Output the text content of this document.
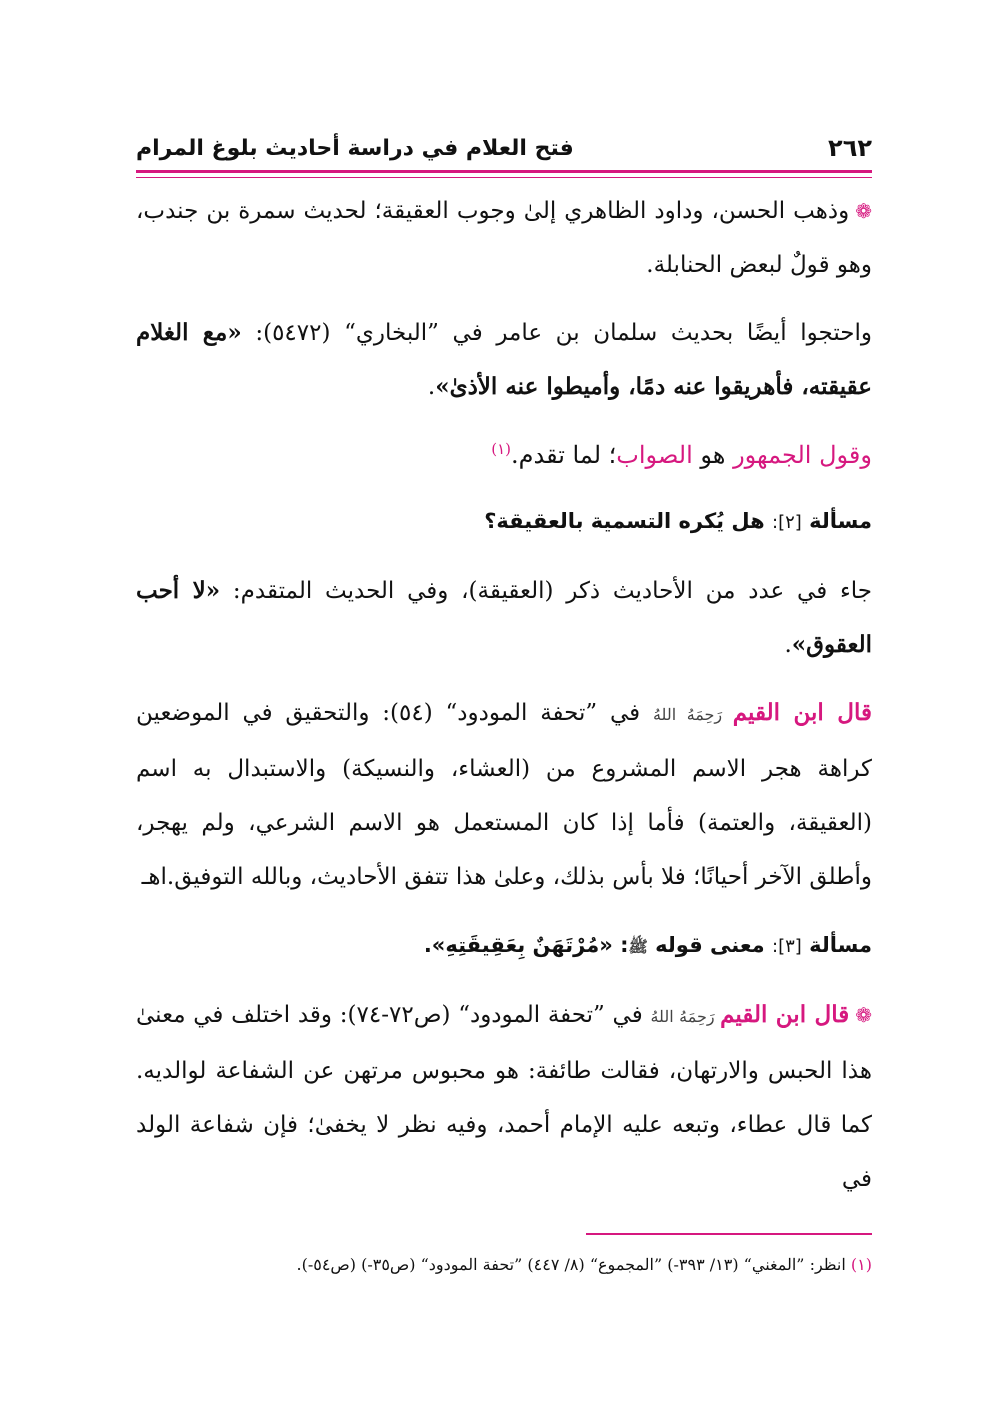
٢٦٢
فتح العلام في دراسة أحاديث بلوغ المرام

❁وذهب الحسن، وداود الظاهري إلىٰ وجوب العقيقة؛ لحديث سمرة بن جندب، وهو قولٌ لبعض الحنابلة.

واحتجوا أيضًا بحديث سلمان بن عامر في ”البخاري“ (٥٤٧٢): «مع الغلام عقيقته، فأهريقوا عنه دمًا، وأميطوا عنه الأذىٰ».

وقول الجمهور هو الصواب؛ لما تقدم.$^{(١)}$

مسألة [٢]: هل يُكره التسمية بالعقيقة؟

جاء في عدد من الأحاديث ذكر (العقيقة)، وفي الحديث المتقدم: «لا أحب العقوق».

قال ابن القيم رَحِمَهُ اللهُ في ”تحفة المودود“ (٥٤): والتحقيق في الموضعين كراهة هجر الاسم المشروع من (العشاء، والنسيكة) والاستبدال به اسم (العقيقة، والعتمة) فأما إذا كان المستعمل هو الاسم الشرعي، ولم يهجر، وأطلق الآخر أحيانًا؛ فلا بأس بذلك، وعلىٰ هذا تتفق الأحاديث، وبالله التوفيق.اهـ

مسألة [٣]: معنى قوله ﷺ: «مُرْتَهَنٌ بِعَقِيقَتِهِ».

❁قال ابن القيم رَحِمَهُ اللهُ في ”تحفة المودود“ (ص٧٢-٧٤): وقد اختلف في معنىٰ هذا الحبس والارتهان، فقالت طائفة: هو محبوس مرتهن عن الشفاعة لوالديه. كما قال عطاء، وتبعه عليه الإمام أحمد، وفيه نظر لا يخفىٰ؛ فإن شفاعة الولد في

(١) انظر: ”المغني“ (١٣/ ٣٩٣-) ”المجموع“ (٨/ ٤٤٧) ”تحفة المودود“ (ص٣٥-) (ص٥٤-).
